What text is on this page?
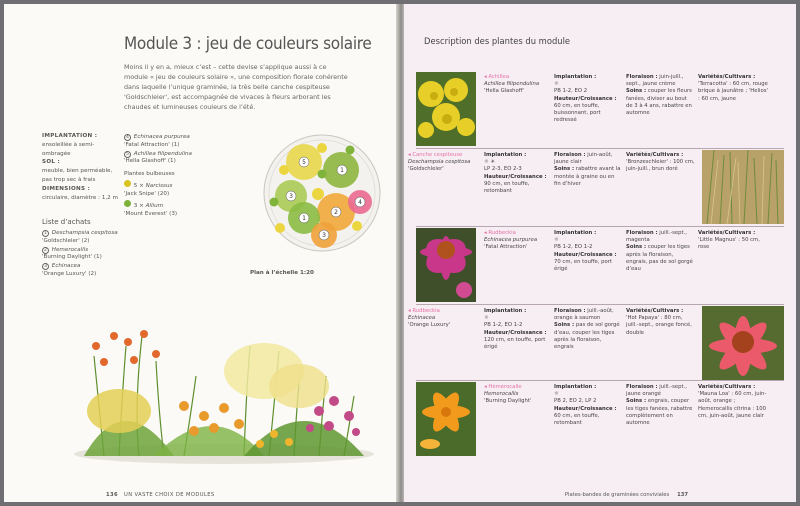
Module 3 : jeu de couleurs solaire
Moins il y en a, mieux c’est – cette devise s’applique aussi à ce module « jeu de couleurs solaire », une composition florale cohérente dans laquelle l’unique graminée, la très belle canche cespiteuse 'Goldschleier', est accompagnée de vivaces à fleurs arborant les chaudes et lumineuses couleurs de l’été.
IMPLANTATION :
ensoleillée à semi-ombragée
SOL :
meuble, bien perméable, pas trop sec à frais
DIMENSIONS :
circulaire, diamètre : 1,2 m
Liste d’achats
1 Deschampsia cespitosa
'Goldschleier' (2)
2 Hemerocallis
'Burning Daylight' (1)
3 Echinacea
'Orange Luxury' (2)
4 Echinacea purpurea
'Fatal Attraction' (1)
5 Achillea filipendulina
'Hella Glashoff' (1)
Plantes bulbeuses
5 × Narcissus
'Jack Snipe' (20)
3 × Allium
'Mount Everest' (3)
1
5
3
2
4
3
1
Plan à l’échelle 1:20
136 UN VASTE CHOIX DE MODULES
Description des plantes du module
◂ Achillea
Achillea filipendulina
'Hella Glashoff'
Implantation :
☼
PB 1-2, EO 2
Hauteur/Croissance :
60 cm, en touffe, buissonnant, port redressé
Floraison : juin-juill., sept., jaune crème
Soins : couper les fleurs fanées, diviser au bout de 3 à 4 ans, rabattre en automne
Variétés/Cultivars :
'Terracotta' : 60 cm, rouge brique à jaunâtre ; 'Helios' : 60 cm, jaune
◂ Canche cespiteuse
Deschampsia cespitosa
'Goldschleier'
Implantation :
☼ ☀
LP 2-3, EO 2-3
Hauteur/Croissance :
90 cm, en touffe, retombant
Floraison : juin-août, jaune clair
Soins : rabattre avant la montée à graine ou en fin d’hiver
Variétés/Cultivars :
'Bronzeschleier' : 100 cm, juin-juill., brun doré
◂ Rudbeckia
Echinacea purpurea
'Fatal Attraction'
Implantation :
☼
PB 1-2, EO 1-2
Hauteur/Croissance :
70 cm, en touffe, port érigé
Floraison : juill.-sept., magenta
Soins : couper les tiges après la floraison, engrais, pas de sol gorgé d’eau
Variétés/Cultivars :
'Little Magnus' : 50 cm, rose
◂ Rudbeckia
Echinacea
'Orange Luxury'
Implantation :
☼
PB 1-2, EO 1-2
Hauteur/Croissance :
120 cm, en touffe, port érigé
Floraison : juill.-août, orange à saumon
Soins : pas de sol gorgé d’eau, couper les tiges après la floraison, engrais
Variétés/Cultivars :
'Hot Papaya' : 80 cm, juill.-sept., orange foncé, double
◂ Hémérocalle
Hemerocallis
'Burning Daylight'
Implantation :
☼
PB 2, EO 2, LP 2
Hauteur/Croissance :
60 cm, en touffe, retombant
Floraison : juill.-sept., jaune orangé
Soins : engrais, couper les tiges fanées, rabattre complètement en automne
Variétés/Cultivars :
'Mauna Loa' : 60 cm, juin-août, orange ; Hemerocallis citrina : 100 cm, juin-août, jaune clair
Plates-bandes de graminées conviviales 137
